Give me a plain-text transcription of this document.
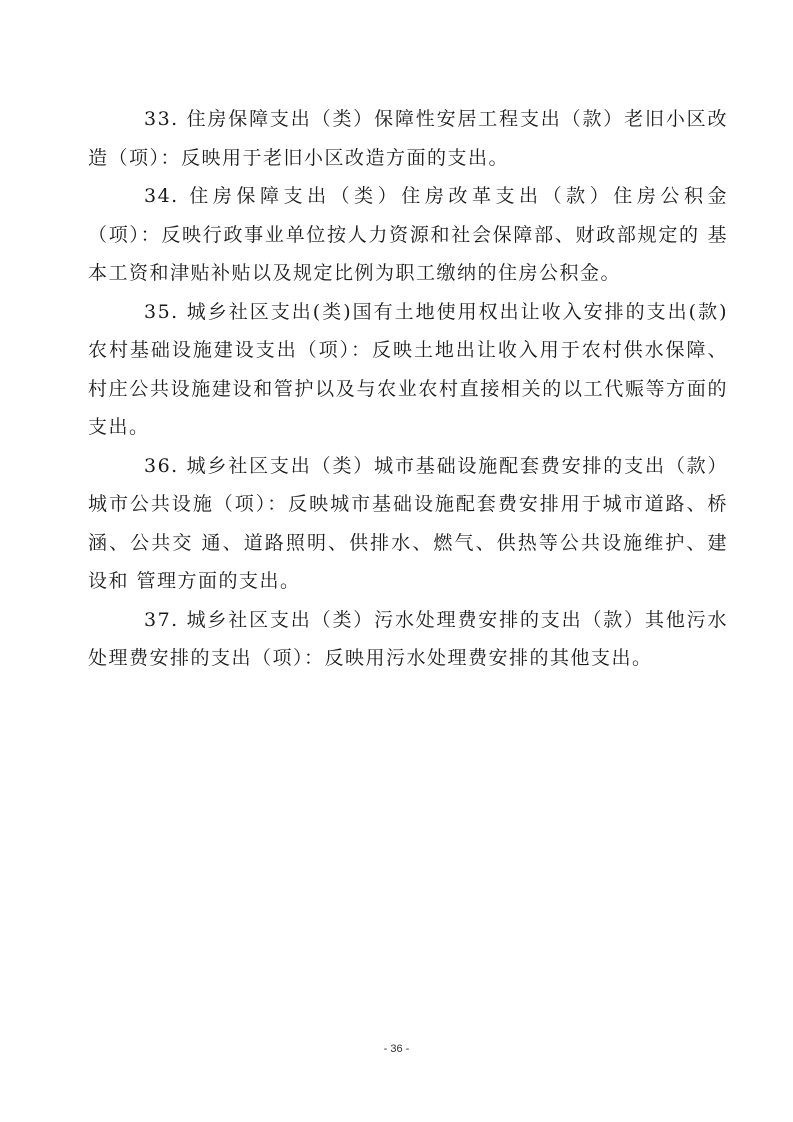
33. 住房保障支出（类）保障性安居工程支出（款）老旧小区改造（项）：反映用于老旧小区改造方面的支出。

34. 住房保障支出（类）住房改革支出（款）住房公积金（项）：反映行政事业单位按人力资源和社会保障部、财政部规定的 基本工资和津贴补贴以及规定比例为职工缴纳的住房公积金。

35. 城乡社区支出(类)国有土地使用权出让收入安排的支出(款)农村基础设施建设支出（项）：反映土地出让收入用于农村供水保障、村庄公共设施建设和管护以及与农业农村直接相关的以工代赈等方面的支出。

36. 城乡社区支出（类）城市基础设施配套费安排的支出（款）城市公共设施（项）：反映城市基础设施配套费安排用于城市道路、桥涵、公共交 通、道路照明、供排水、燃气、供热等公共设施维护、建设和 管理方面的支出。

37. 城乡社区支出（类）污水处理费安排的支出（款）其他污水处理费安排的支出（项）：反映用污水处理费安排的其他支出。

- 36 -
